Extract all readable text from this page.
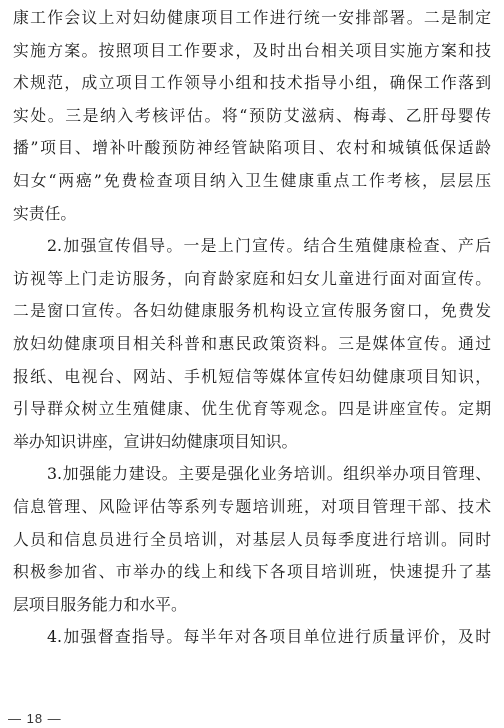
康工作会议上对妇幼健康项目工作进行统一安排部署。二是制定
实施方案。按照项目工作要求，及时出台相关项目实施方案和技
术规范，成立项目工作领导小组和技术指导小组，确保工作落到
实处。三是纳入考核评估。将“预防艾滋病、梅毒、乙肝母婴传
播”项目、增补叶酸预防神经管缺陷项目、农村和城镇低保适龄
妇女“两癌”免费检查项目纳入卫生健康重点工作考核，层层压
实责任。
2.加强宣传倡导。一是上门宣传。结合生殖健康检查、产后
访视等上门走访服务，向育龄家庭和妇女儿童进行面对面宣传。
二是窗口宣传。各妇幼健康服务机构设立宣传服务窗口，免费发
放妇幼健康项目相关科普和惠民政策资料。三是媒体宣传。通过
报纸、电视台、网站、手机短信等媒体宣传妇幼健康项目知识，
引导群众树立生殖健康、优生优育等观念。四是讲座宣传。定期
举办知识讲座，宣讲妇幼健康项目知识。
3.加强能力建设。主要是强化业务培训。组织举办项目管理、
信息管理、风险评估等系列专题培训班，对项目管理干部、技术
人员和信息员进行全员培训，对基层人员每季度进行培训。同时
积极参加省、市举办的线上和线下各项目培训班，快速提升了基
层项目服务能力和水平。
4.加强督查指导。每半年对各项目单位进行质量评价，及时
— 18 —
